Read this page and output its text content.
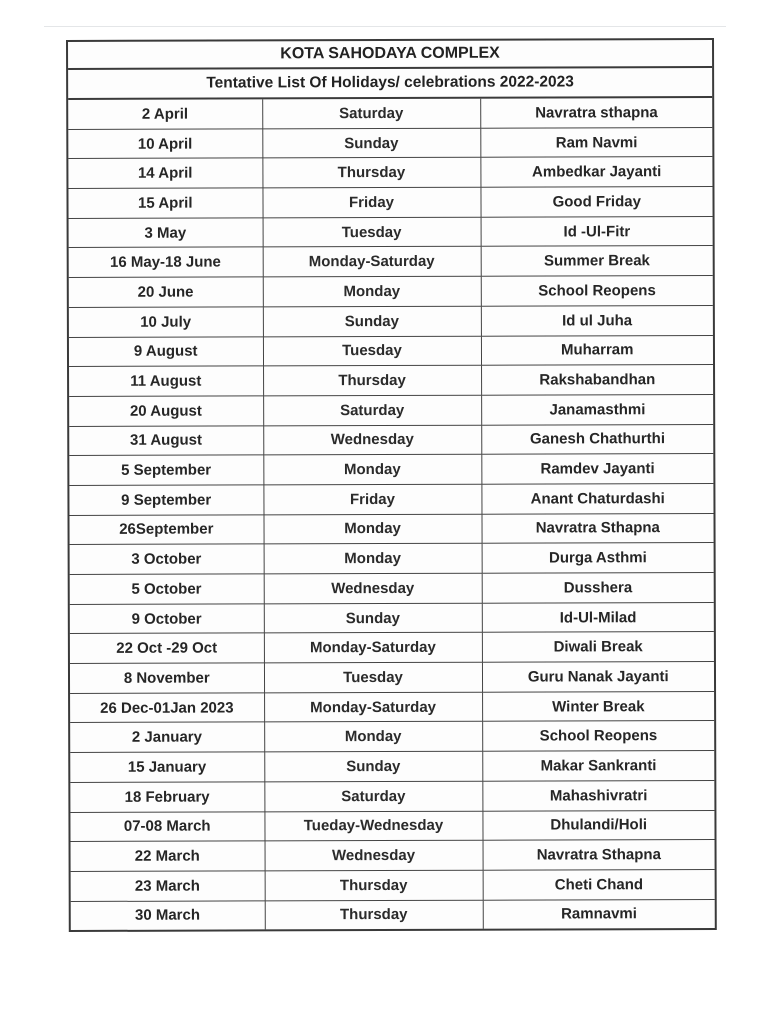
KOTA SAHODAYA COMPLEX
Tentative List Of Holidays/ celebrations 2022-2023
2 April	Saturday	Navratra sthapna
10 April	Sunday	Ram Navmi
14 April	Thursday	Ambedkar Jayanti
15 April	Friday	Good Friday
3 May	Tuesday	Id -Ul-Fitr
16 May-18 June	Monday-Saturday	Summer Break
20 June	Monday	School Reopens
10 July	Sunday	Id ul Juha
9 August	Tuesday	Muharram
11 August	Thursday	Rakshabandhan
20 August	Saturday	Janamasthmi
31 August	Wednesday	Ganesh Chathurthi
5 September	Monday	Ramdev Jayanti
9 September	Friday	Anant Chaturdashi
26September	Monday	Navratra Sthapna
3 October	Monday	Durga Asthmi
5 October	Wednesday	Dusshera
9 October	Sunday	Id-Ul-Milad
22 Oct -29 Oct	Monday-Saturday	Diwali Break
8 November	Tuesday	Guru Nanak Jayanti
26 Dec-01Jan 2023	Monday-Saturday	Winter Break
2 January	Monday	School Reopens
15 January	Sunday	Makar Sankranti
18 February	Saturday	Mahashivratri
07-08 March	Tueday-Wednesday	Dhulandi/Holi
22 March	Wednesday	Navratra Sthapna
23 March	Thursday	Cheti Chand
30 March	Thursday	Ramnavmi
